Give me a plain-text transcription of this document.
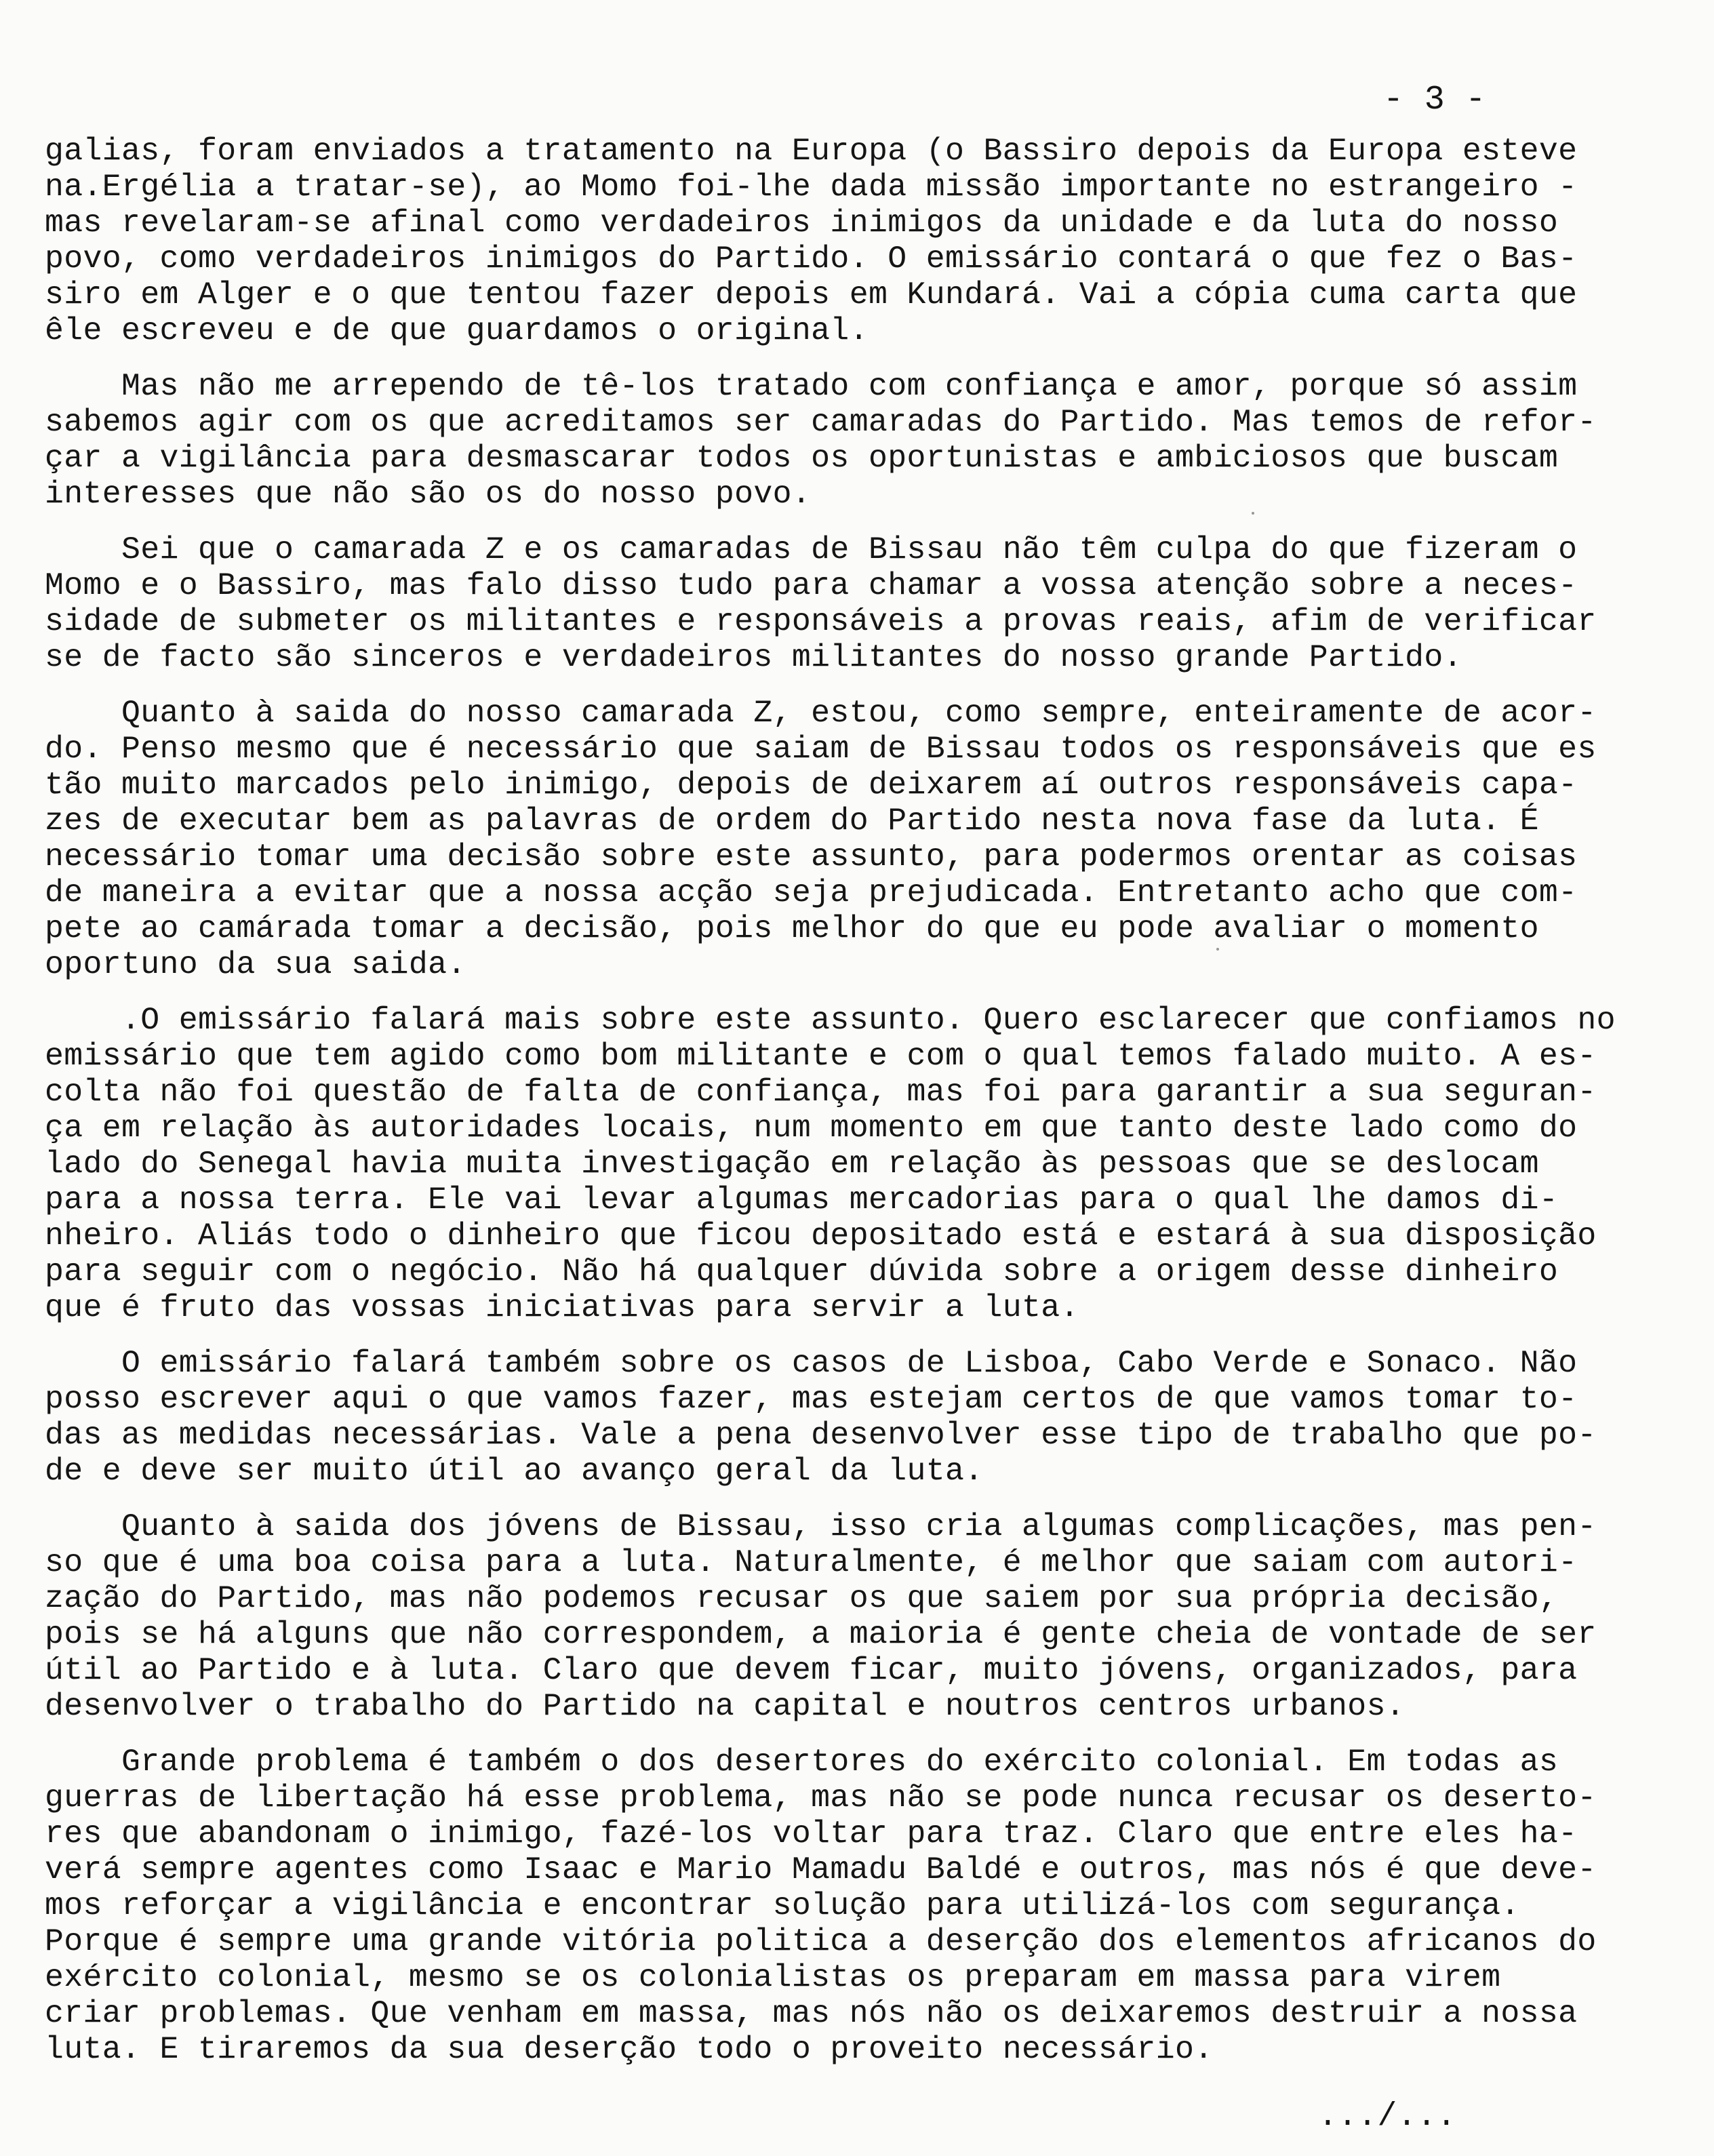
- 3 -
galias, foram enviados a tratamento na Europa (o Bassiro depois da Europa esteve
na.Ergélia a tratar-se), ao Momo foi-lhe dada missão importante no estrangeiro -
mas revelaram-se afinal como verdadeiros inimigos da unidade e da luta do nosso
povo, como verdadeiros inimigos do Partido. O emissário contará o que fez o Bas-
siro em Alger e o que tentou fazer depois em Kundará. Vai a cópia cuma carta que
êle escreveu e de que guardamos o original.
Mas não me arrependo de tê-los tratado com confiança e amor, porque só assim
sabemos agir com os que acreditamos ser camaradas do Partido. Mas temos de refor-
çar a vigilância para desmascarar todos os oportunistas e ambiciosos que buscam
interesses que não são os do nosso povo.
Sei que o camarada Z e os camaradas de Bissau não têm culpa do que fizeram o
Momo e o Bassiro, mas falo disso tudo para chamar a vossa atenção sobre a neces-
sidade de submeter os militantes e responsáveis a provas reais, afim de verificar
se de facto são sinceros e verdadeiros militantes do nosso grande Partido.
Quanto à saida do nosso camarada Z, estou, como sempre, enteiramente de acor-
do. Penso mesmo que é necessário que saiam de Bissau todos os responsáveis que es
tão muito marcados pelo inimigo, depois de deixarem aí outros responsáveis capa-
zes de executar bem as palavras de ordem do Partido nesta nova fase da luta. É
necessário tomar uma decisão sobre este assunto, para podermos orentar as coisas
de maneira a evitar que a nossa acção seja prejudicada. Entretanto acho que com-
pete ao camárada tomar a decisão, pois melhor do que eu pode avaliar o momento
oportuno da sua saida.
.O emissário falará mais sobre este assunto. Quero esclarecer que confiamos no
emissário que tem agido como bom militante e com o qual temos falado muito. A es-
colta não foi questão de falta de confiança, mas foi para garantir a sua seguran-
ça em relação às autoridades locais, num momento em que tanto deste lado como do
lado do Senegal havia muita investigação em relação às pessoas que se deslocam
para a nossa terra. Ele vai levar algumas mercadorias para o qual lhe damos di-
nheiro. Aliás todo o dinheiro que ficou depositado está e estará à sua disposição
para seguir com o negócio. Não há qualquer dúvida sobre a origem desse dinheiro
que é fruto das vossas iniciativas para servir a luta.
O emissário falará também sobre os casos de Lisboa, Cabo Verde e Sonaco. Não
posso escrever aqui o que vamos fazer, mas estejam certos de que vamos tomar to-
das as medidas necessárias. Vale a pena desenvolver esse tipo de trabalho que po-
de e deve ser muito útil ao avanço geral da luta.
Quanto à saida dos jóvens de Bissau, isso cria algumas complicações, mas pen-
so que é uma boa coisa para a luta. Naturalmente, é melhor que saiam com autori-
zação do Partido, mas não podemos recusar os que saiem por sua própria decisão,
pois se há alguns que não correspondem, a maioria é gente cheia de vontade de ser
útil ao Partido e à luta. Claro que devem ficar, muito jóvens, organizados, para
desenvolver o trabalho do Partido na capital e noutros centros urbanos.
Grande problema é também o dos desertores do exército colonial. Em todas as
guerras de libertação há esse problema, mas não se pode nunca recusar os deserto-
res que abandonam o inimigo, fazé-los voltar para traz. Claro que entre eles ha-
verá sempre agentes como Isaac e Mario Mamadu Baldé e outros, mas nós é que deve-
mos reforçar a vigilância e encontrar solução para utilizá-los com segurança.
Porque é sempre uma grande vitória politica a deserção dos elementos africanos do
exército colonial, mesmo se os colonialistas os preparam em massa para virem
criar problemas. Que venham em massa, mas nós não os deixaremos destruir a nossa
luta. E tiraremos da sua deserção todo o proveito necessário.
.../...
